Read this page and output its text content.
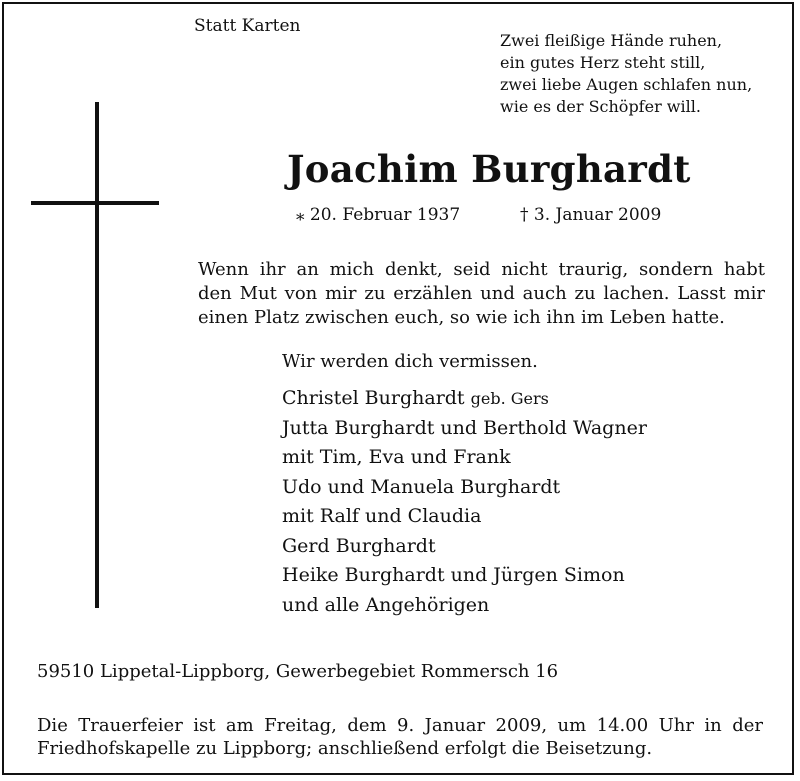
Statt Karten
Zwei fleißige Hände ruhen,
ein gutes Herz steht still,
zwei liebe Augen schlafen nun,
wie es der Schöpfer will.
Joachim Burghardt
⁎ 20. Februar 1937	† 3. Januar 2009
Wenn ihr an mich denkt, seid nicht traurig, sondern habt
den Mut von mir zu erzählen und auch zu lachen. Lasst mir
einen Platz zwischen euch, so wie ich ihn im Leben hatte.
Wir werden dich vermissen.
Christel Burghardt geb. Gers
Jutta Burghardt und Berthold Wagner
mit Tim, Eva und Frank
Udo und Manuela Burghardt
mit Ralf und Claudia
Gerd Burghardt
Heike Burghardt und Jürgen Simon
und alle Angehörigen
59510 Lippetal-Lippborg, Gewerbegebiet Rommersch 16
Die Trauerfeier ist am Freitag, dem 9. Januar 2009, um 14.00 Uhr in der
Friedhofskapelle zu Lippborg; anschließend erfolgt die Beisetzung.
